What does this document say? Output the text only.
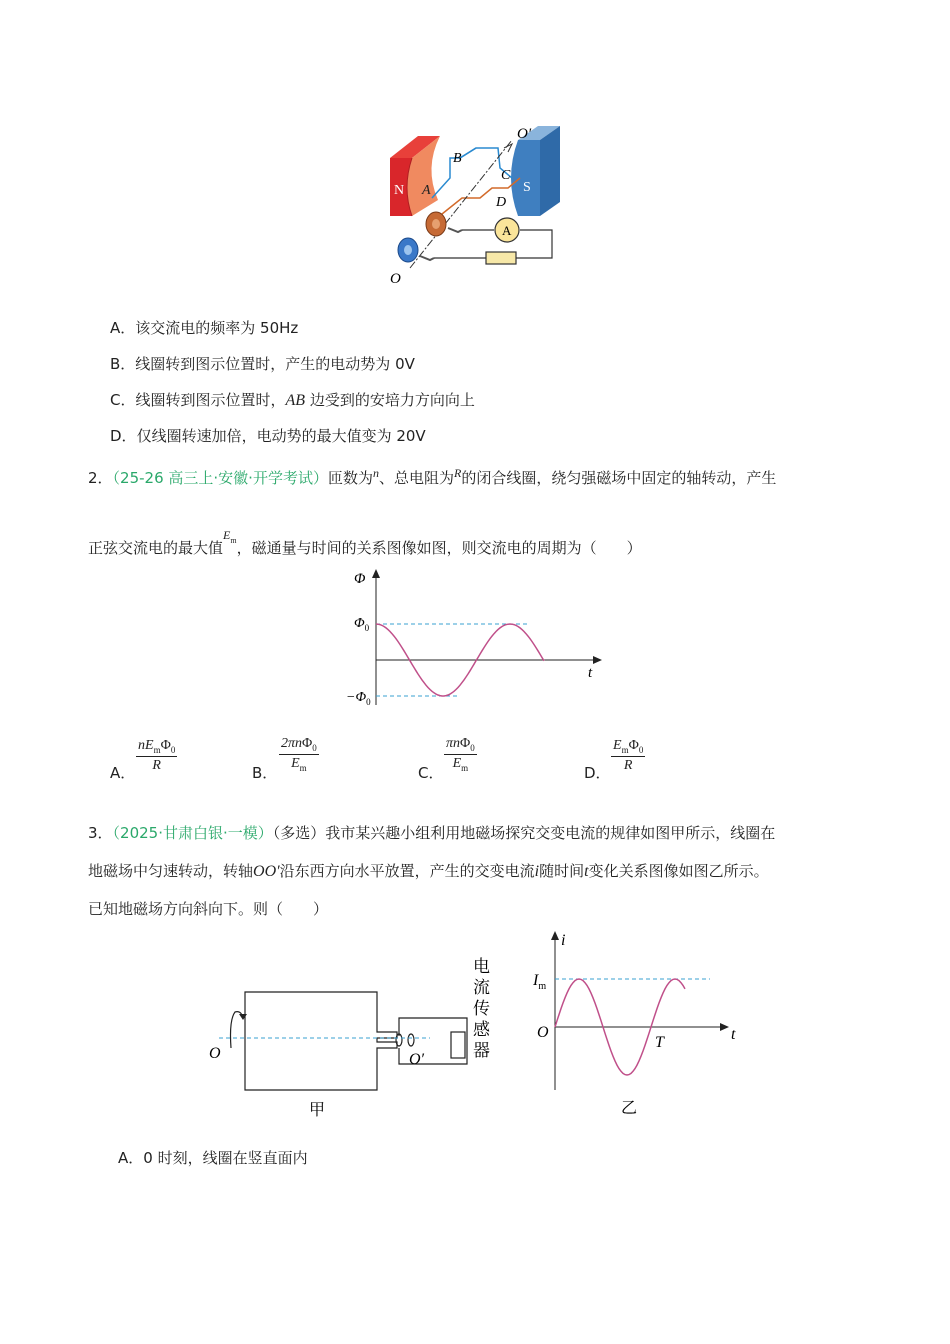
O′
B
A
C
D
N	S
A
O
A．该交流电的频率为 50Hz
B．线圈转到图示位置时，产生的电动势为 0V
C．线圈转到图示位置时，AB 边受到的安培力方向向上
D．仅线圈转速加倍，电动势的最大值变为 20V
2．（25-26 高三上·安徽·开学考试）匝数为$^n$、总电阻为$^R$的闭合线圈，绕匀强磁场中固定的轴转动，产生
正弦交流电的最大值$^{Em}$，磁通量与时间的关系图像如图，则交流电的周期为（　　）
Φ
$\Phi_0$
$-\Phi_0$
t
A．
$nE_m\Phi_0$
R	B．
2πnΦ$_0$
$E_m$	C．
πnΦ$_0$
$E_m$	D．
$E_m\Phi_0$
R
3．（2025·甘肃白银·一模）（多选）我市某兴趣小组利用地磁场探究交变电流的规律如图甲所示，线圈在
地磁场中匀速转动，转轴OO′沿东西方向水平放置，产生的交变电流i随时间t变化关系图像如图乙所示。
已知地磁场方向斜向下。则（　　）
O	O′
电流传感器
甲
i
$I_m$
O	t
T
乙
A．0 时刻，线圈在竖直面内
